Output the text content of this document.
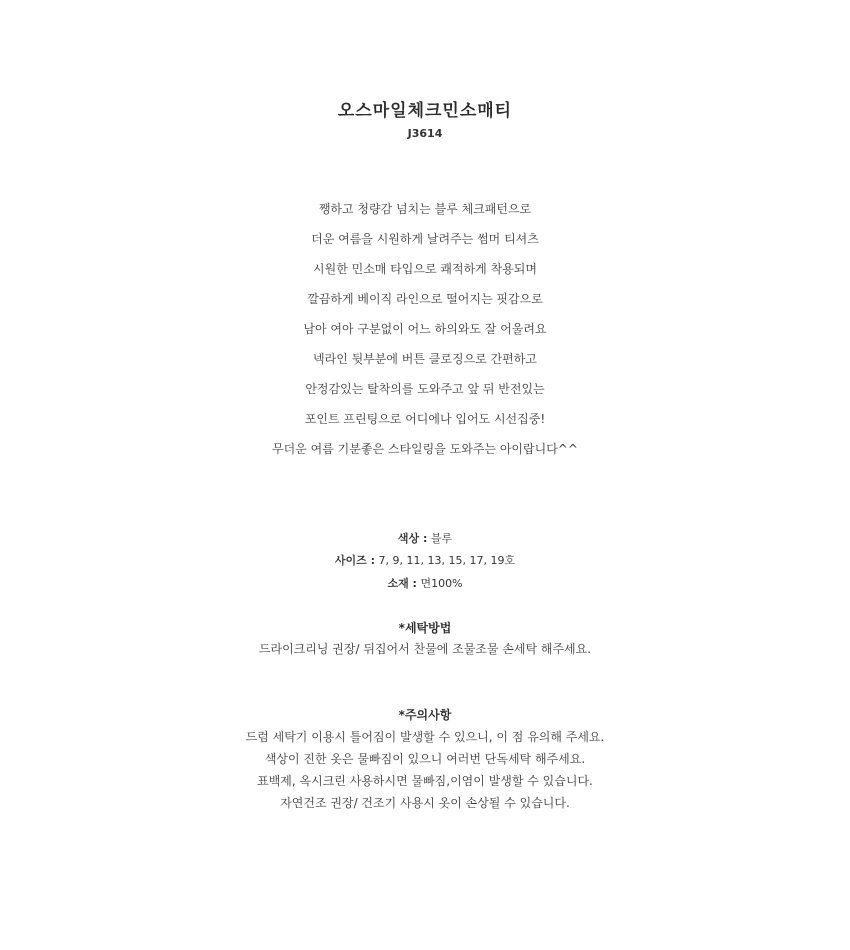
오스마일체크민소매티
J3614
쨍하고 청량감 넘치는 블루 체크패턴으로
더운 여름을 시원하게 날려주는 썸머 티셔츠
시원한 민소매 타입으로 쾌적하게 착용되며
깔끔하게 베이직 라인으로 떨어지는 핏감으로
남아 여아 구분없이 어느 하의와도 잘 어울려요
넥라인 뒷부분에 버튼 클로징으로 간편하고
안정감있는 탈착의를 도와주고 앞 뒤 반전있는
포인트 프린팅으로 어디에나 입어도 시선집중!
무더운 여름 기분좋은 스타일링을 도와주는 아이랍니다^^
색상 : 블루
사이즈 : 7, 9, 11, 13, 15, 17, 19호
소재 : 면100%
*세탁방법
드라이크리닝 권장/ 뒤집어서 찬물에 조물조물 손세탁 해주세요.
*주의사항
드럼 세탁기 이용시 틀어짐이 발생할 수 있으니, 이 점 유의해 주세요.
색상이 진한 옷은 물빠짐이 있으니 여러번 단독세탁 해주세요.
표백제, 옥시크린 사용하시면 물빠짐,이염이 발생할 수 있습니다.
자연건조 권장/ 건조기 사용시 옷이 손상될 수 있습니다.
